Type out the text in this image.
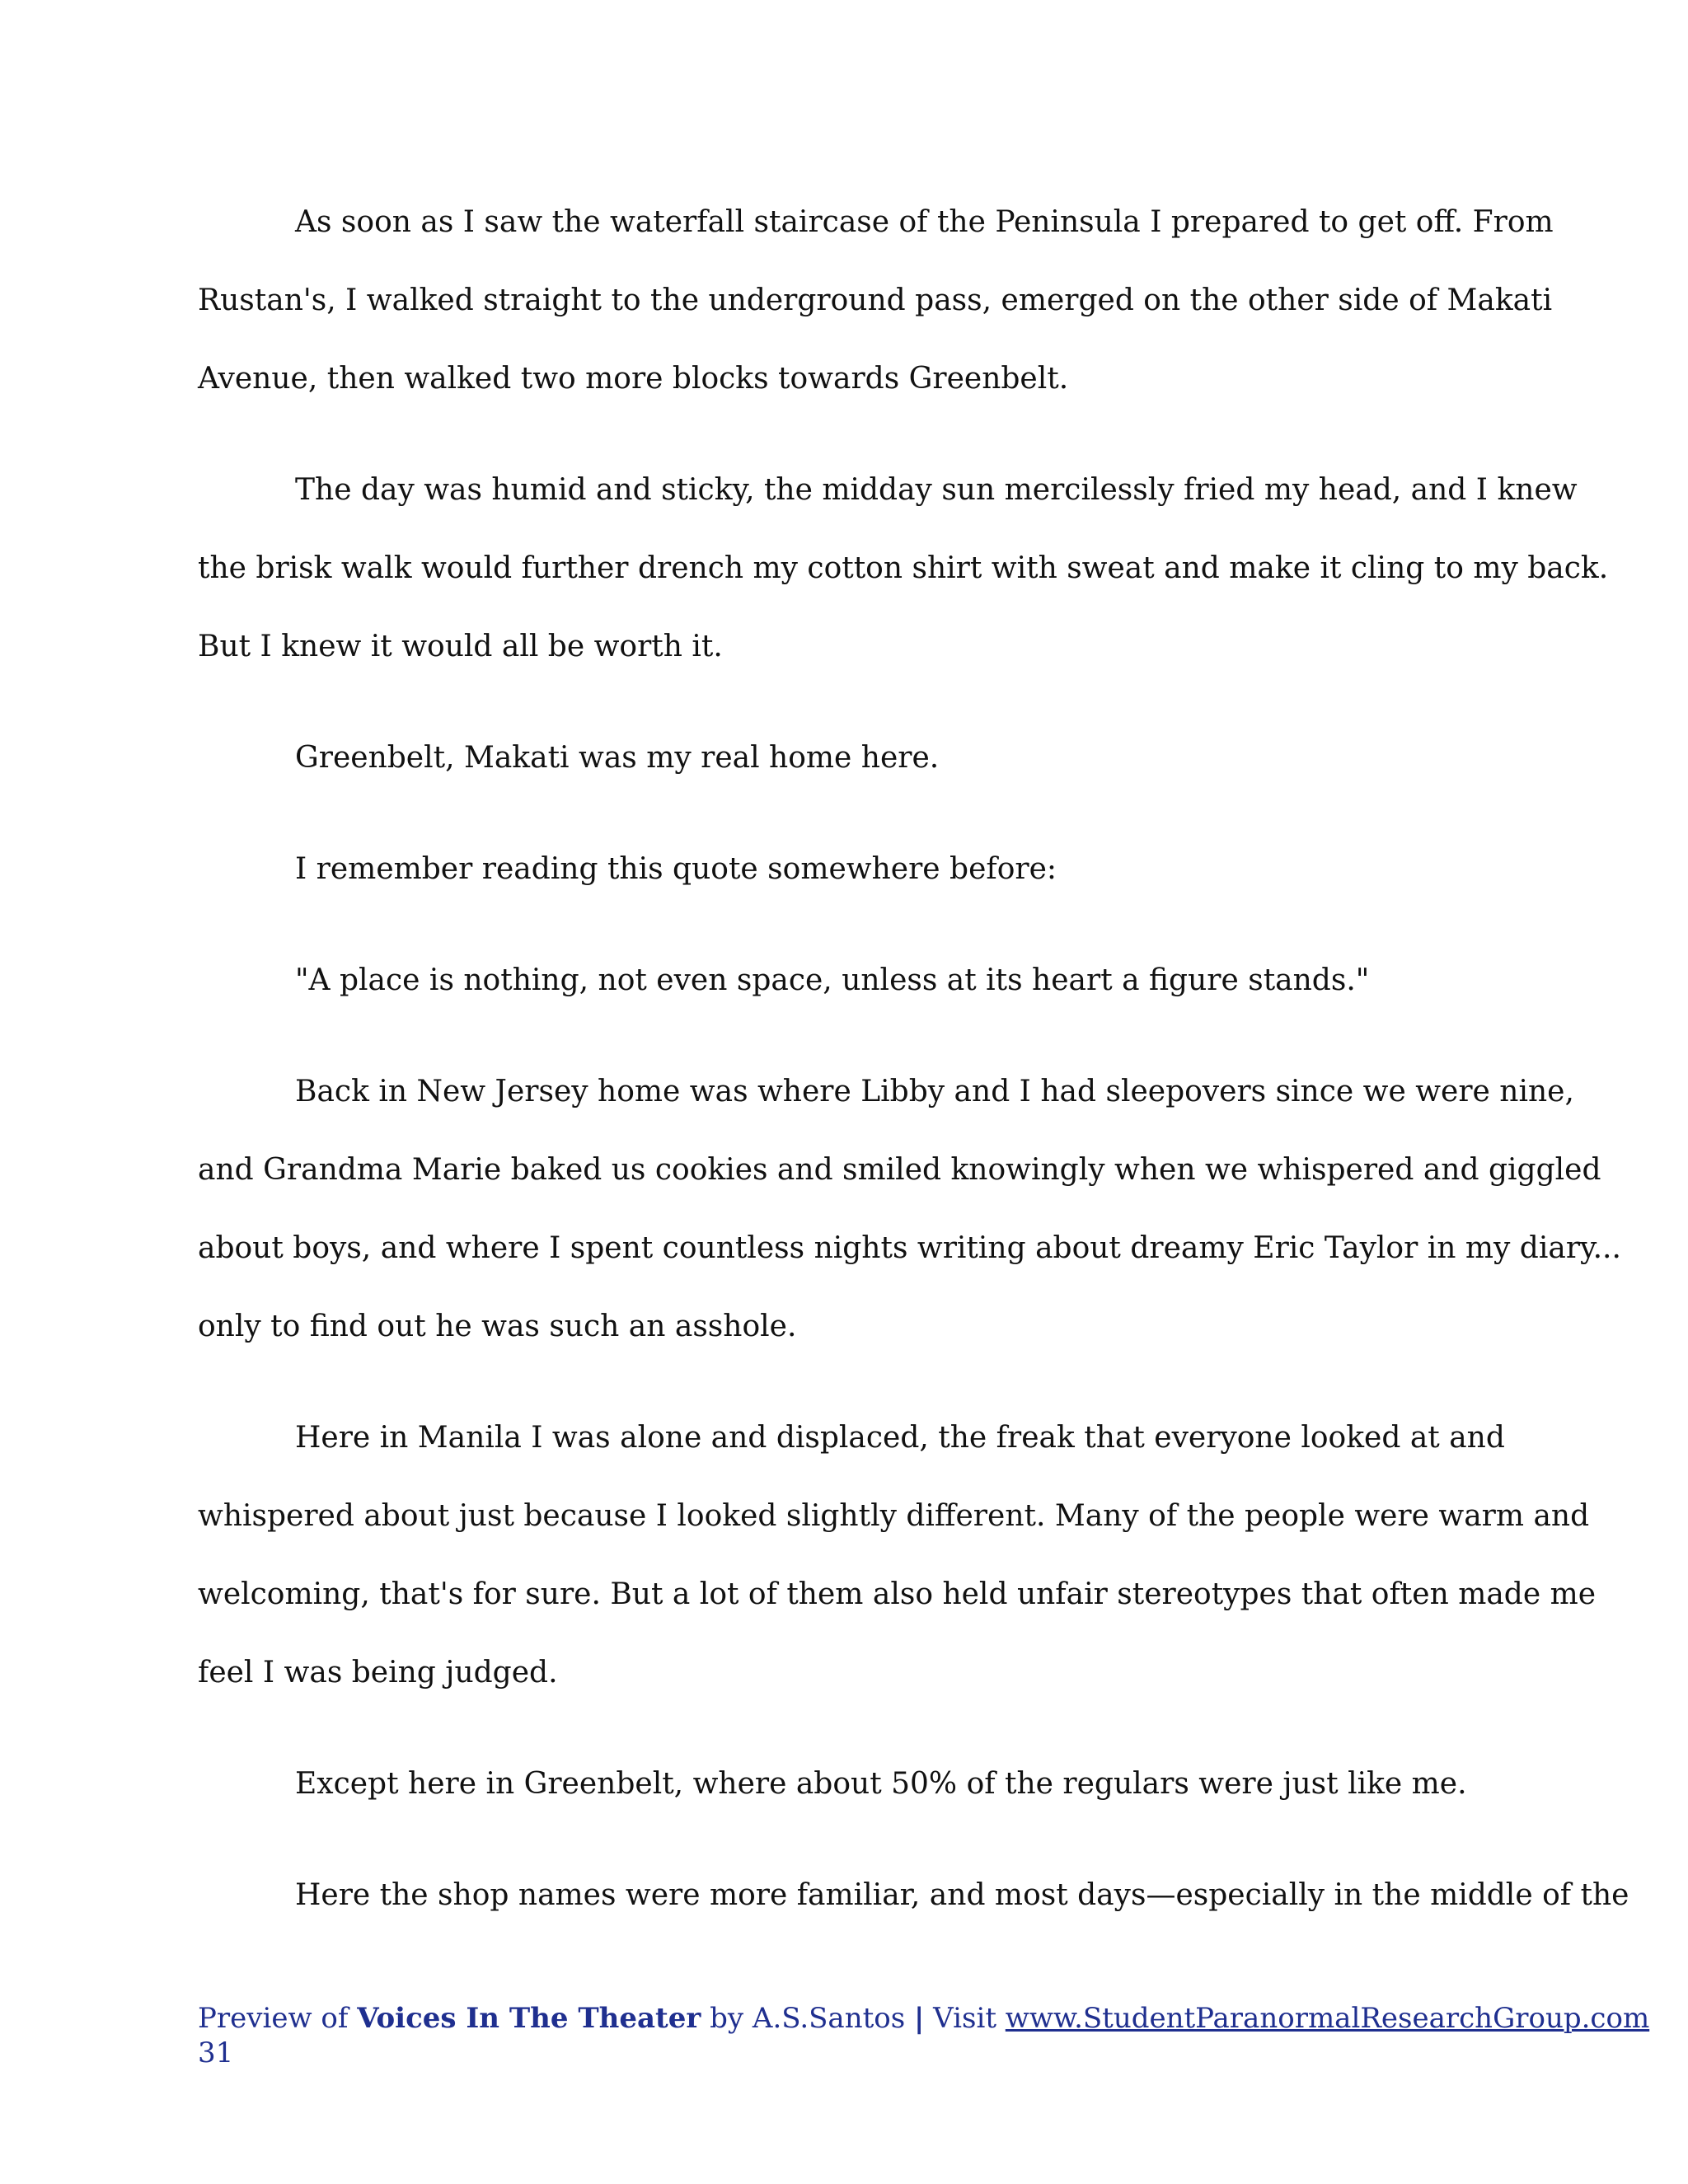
As soon as I saw the waterfall staircase of the Peninsula I prepared to get off. From
Rustan's, I walked straight to the underground pass, emerged on the other side of Makati
Avenue, then walked two more blocks towards Greenbelt.
The day was humid and sticky, the midday sun mercilessly fried my head, and I knew
the brisk walk would further drench my cotton shirt with sweat and make it cling to my back.
But I knew it would all be worth it.
Greenbelt, Makati was my real home here.
I remember reading this quote somewhere before:
"A place is nothing, not even space, unless at its heart a figure stands."
Back in New Jersey home was where Libby and I had sleepovers since we were nine,
and Grandma Marie baked us cookies and smiled knowingly when we whispered and giggled
about boys, and where I spent countless nights writing about dreamy Eric Taylor in my diary...
only to find out he was such an asshole.
Here in Manila I was alone and displaced, the freak that everyone looked at and
whispered about just because I looked slightly different. Many of the people were warm and
welcoming, that's for sure. But a lot of them also held unfair stereotypes that often made me
feel I was being judged.
Except here in Greenbelt, where about 50% of the regulars were just like me.
Here the shop names were more familiar, and most days—especially in the middle of the
Preview of Voices In The Theater by A.S.Santos | Visit www.StudentParanormalResearchGroup.com
31
